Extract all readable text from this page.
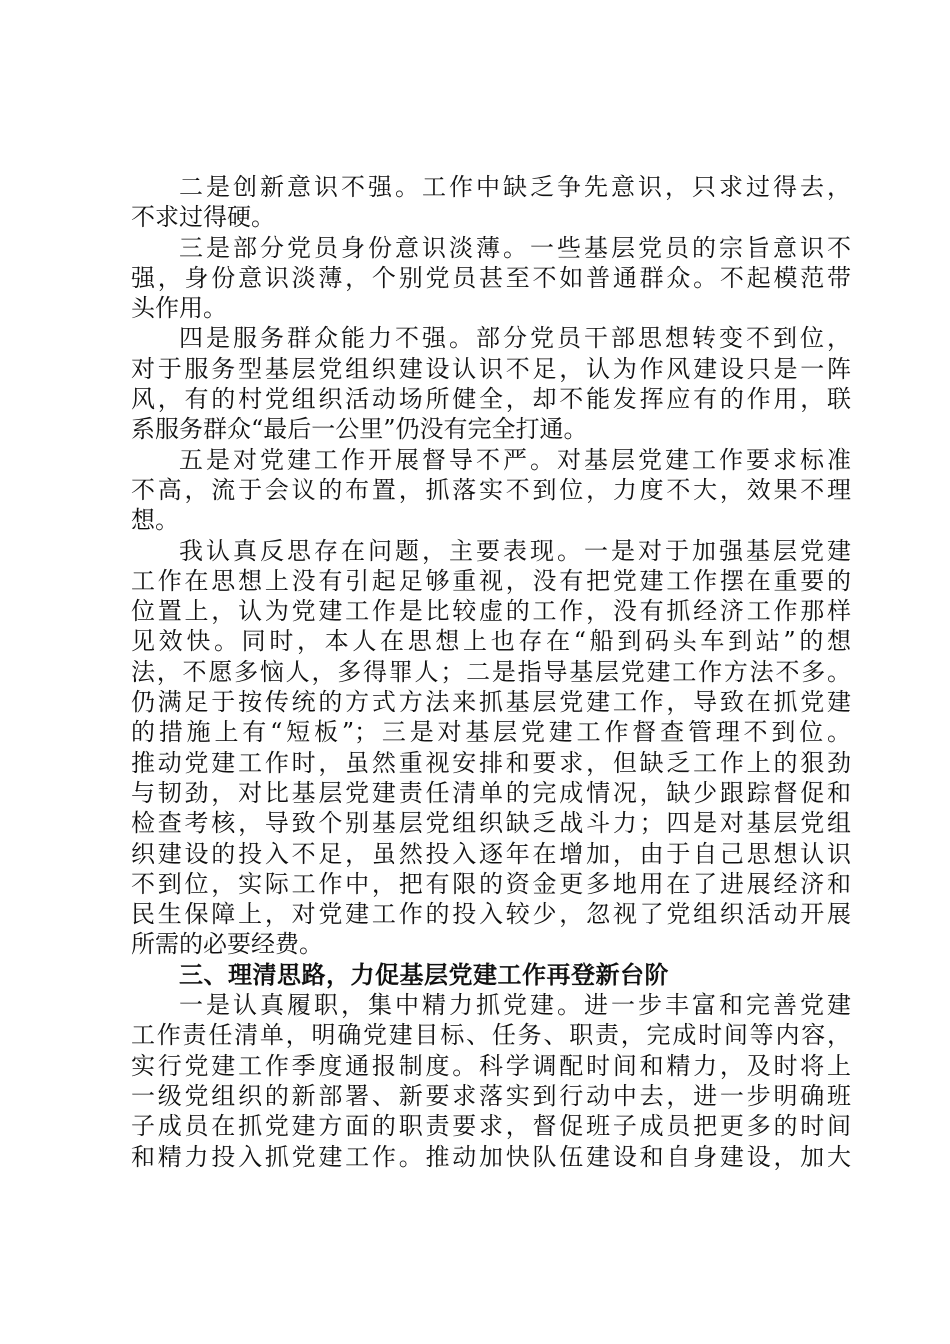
二是创新意识不强。工作中缺乏争先意识，只求过得去，
不求过得硬。
三是部分党员身份意识淡薄。一些基层党员的宗旨意识不
强，身份意识淡薄，个别党员甚至不如普通群众。不起模范带
头作用。
四是服务群众能力不强。部分党员干部思想转变不到位，
对于服务型基层党组织建设认识不足，认为作风建设只是一阵
风，有的村党组织活动场所健全，却不能发挥应有的作用，联
系服务群众“最后一公里”仍没有完全打通。
五是对党建工作开展督导不严。对基层党建工作要求标准
不高，流于会议的布置，抓落实不到位，力度不大，效果不理
想。
我认真反思存在问题，主要表现。一是对于加强基层党建
工作在思想上没有引起足够重视，没有把党建工作摆在重要的
位置上，认为党建工作是比较虚的工作，没有抓经济工作那样
见效快。同时，本人在思想上也存在“船到码头车到站”的想
法，不愿多恼人，多得罪人；二是指导基层党建工作方法不多。
仍满足于按传统的方式方法来抓基层党建工作，导致在抓党建
的措施上有“短板”；三是对基层党建工作督查管理不到位。
推动党建工作时，虽然重视安排和要求，但缺乏工作上的狠劲
与韧劲，对比基层党建责任清单的完成情况，缺少跟踪督促和
检查考核，导致个别基层党组织缺乏战斗力；四是对基层党组
织建设的投入不足，虽然投入逐年在增加，由于自己思想认识
不到位，实际工作中，把有限的资金更多地用在了进展经济和
民生保障上，对党建工作的投入较少，忽视了党组织活动开展
所需的必要经费。
三、理清思路，力促基层党建工作再登新台阶
一是认真履职，集中精力抓党建。进一步丰富和完善党建
工作责任清单，明确党建目标、任务、职责，完成时间等内容，
实行党建工作季度通报制度。科学调配时间和精力，及时将上
一级党组织的新部署、新要求落实到行动中去，进一步明确班
子成员在抓党建方面的职责要求，督促班子成员把更多的时间
和精力投入抓党建工作。推动加快队伍建设和自身建设，加大
